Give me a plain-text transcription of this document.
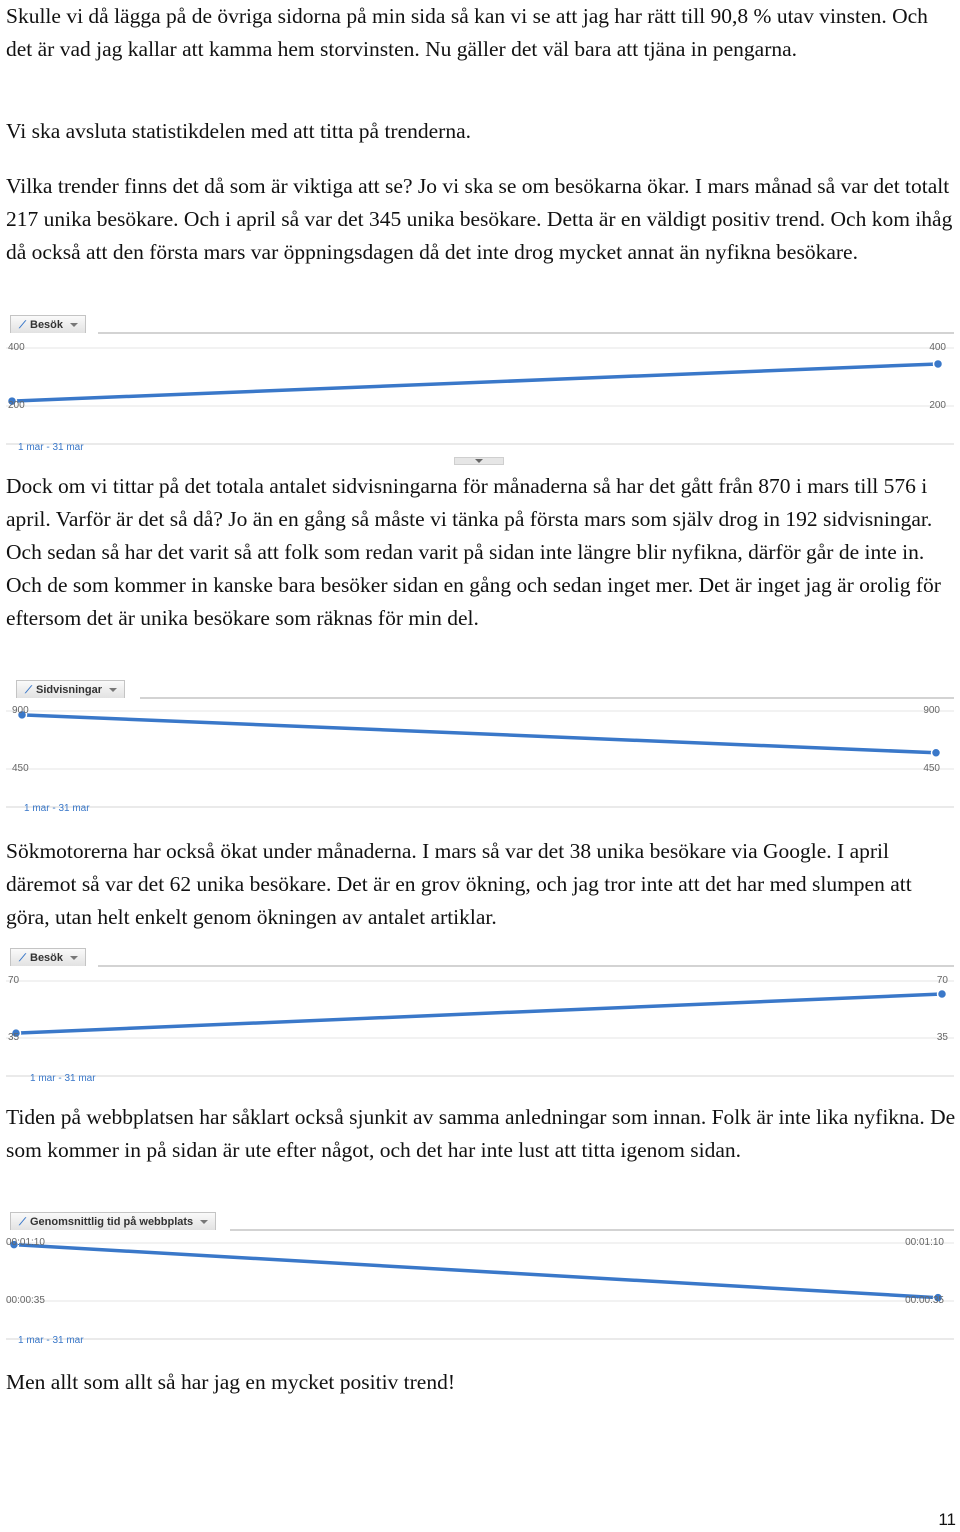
Skulle vi då lägga på de övriga sidorna på min sida så kan vi se att jag har rätt till 90,8 % utav vinsten. Och det är vad jag kallar att kamma hem storvinsten. Nu gäller det väl bara att tjäna in pengarna.

Vi ska avsluta statistikdelen med att titta på trenderna.

Vilka trender finns det då som är viktiga att se? Jo vi ska se om besökarna ökar. I mars månad så var det totalt 217 unika besökare. Och i april så var det 345 unika besökare. Detta är en väldigt positiv trend. Och kom ihåg då också att den första mars var öppningsdagen då det inte drog mycket annat än nyfikna besökare.

⟋ Besök
400	400
200	200
1 mar - 31 mar

Dock om vi tittar på det totala antalet sidvisningarna för månaderna så har det gått från 870 i mars till 576 i april. Varför är det så då? Jo än en gång så måste vi tänka på första mars som själv drog in 192 sidvisningar. Och sedan så har det varit så att folk som redan varit på sidan inte längre blir nyfikna, därför går de inte in. Och de som kommer in kanske bara besöker sidan en gång och sedan inget mer. Det är inget jag är orolig för eftersom det är unika besökare som räknas för min del.

⟋ Sidvisningar
900	900
450	450
1 mar - 31 mar

Sökmotorerna har också ökat under månaderna. I mars så var det 38 unika besökare via Google. I april däremot så var det 62 unika besökare. Det är en grov ökning, och jag tror inte att det har med slumpen att göra, utan helt enkelt genom ökningen av antalet artiklar.

⟋ Besök
70	70
35	35
1 mar - 31 mar

Tiden på webbplatsen har såklart också sjunkit av samma anledningar som innan. Folk är inte lika nyfikna. De som kommer in på sidan är ute efter något, och det har inte lust att titta igenom sidan.

⟋ Genomsnittlig tid på webbplats
00:01:10	00:01:10
00:00:35	00:00:35
1 mar - 31 mar

Men allt som allt så har jag en mycket positiv trend!

11
